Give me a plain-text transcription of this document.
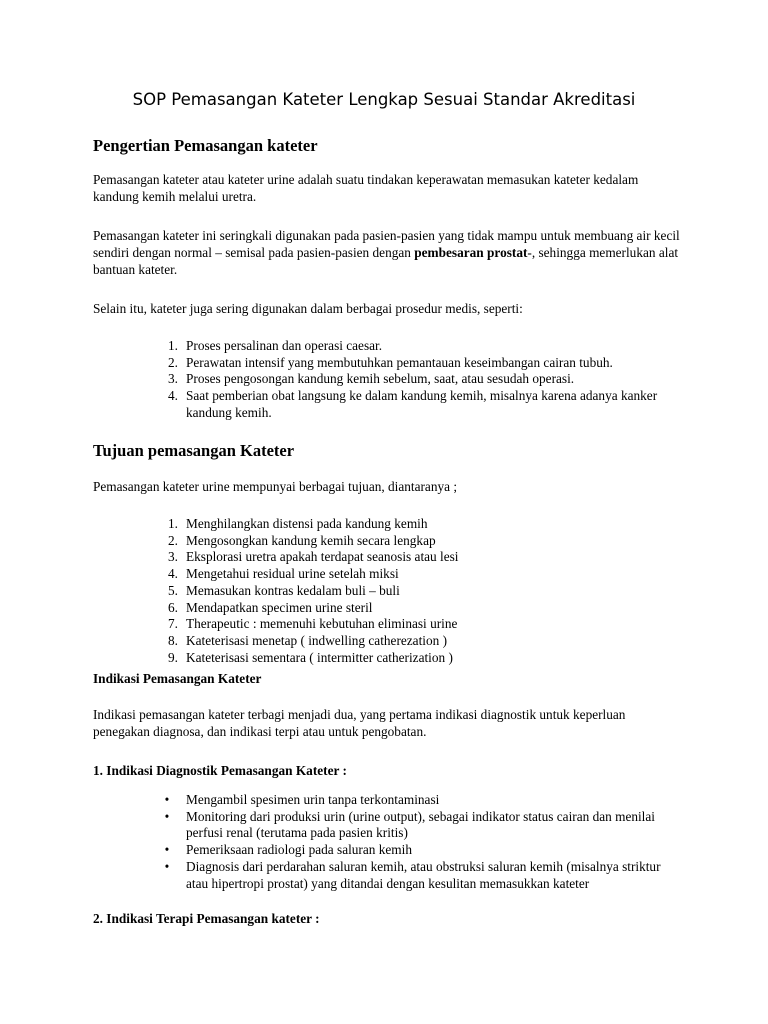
SOP Pemasangan Kateter Lengkap Sesuai Standar Akreditasi
Pengertian Pemasangan kateter

Pemasangan kateter atau kateter urine adalah suatu tindakan keperawatan memasukan kateter kedalam kandung kemih melalui uretra.

Pemasangan kateter ini seringkali digunakan pada pasien-pasien yang tidak mampu untuk membuang air kecil sendiri dengan normal – semisal pada pasien-pasien dengan pembesaran prostat-, sehingga memerlukan alat bantuan kateter.

Selain itu, kateter juga sering digunakan dalam berbagai prosedur medis, seperti:

1. Proses persalinan dan operasi caesar.
2. Perawatan intensif yang membutuhkan pemantauan keseimbangan cairan tubuh.
3. Proses pengosongan kandung kemih sebelum, saat, atau sesudah operasi.
4. Saat pemberian obat langsung ke dalam kandung kemih, misalnya karena adanya kanker kandung kemih.
Tujuan pemasangan Kateter

Pemasangan kateter urine mempunyai berbagai tujuan, diantaranya ;

1. Menghilangkan distensi pada kandung kemih
2. Mengosongkan kandung kemih secara lengkap
3. Eksplorasi uretra apakah terdapat seanosis atau lesi
4. Mengetahui residual urine setelah miksi
5. Memasukan kontras kedalam buli – buli
6. Mendapatkan specimen urine steril
7. Therapeutic : memenuhi kebutuhan eliminasi urine
8. Kateterisasi menetap ( indwelling catherezation )
9. Kateterisasi sementara ( intermitter catherization )
Indikasi Pemasangan Kateter

Indikasi pemasangan kateter terbagi menjadi dua, yang pertama indikasi diagnostik untuk keperluan penegakan diagnosa, dan indikasi terpi atau untuk pengobatan.

1. Indikasi Diagnostik Pemasangan Kateter :
• Mengambil spesimen urin tanpa terkontaminasi
• Monitoring dari produksi urin (urine output), sebagai indikator status cairan dan menilai perfusi renal (terutama pada pasien kritis)
• Pemeriksaan radiologi pada saluran kemih
• Diagnosis dari perdarahan saluran kemih, atau obstruksi saluran kemih (misalnya striktur atau hipertropi prostat) yang ditandai dengan kesulitan memasukkan kateter
2. Indikasi Terapi Pemasangan kateter :
